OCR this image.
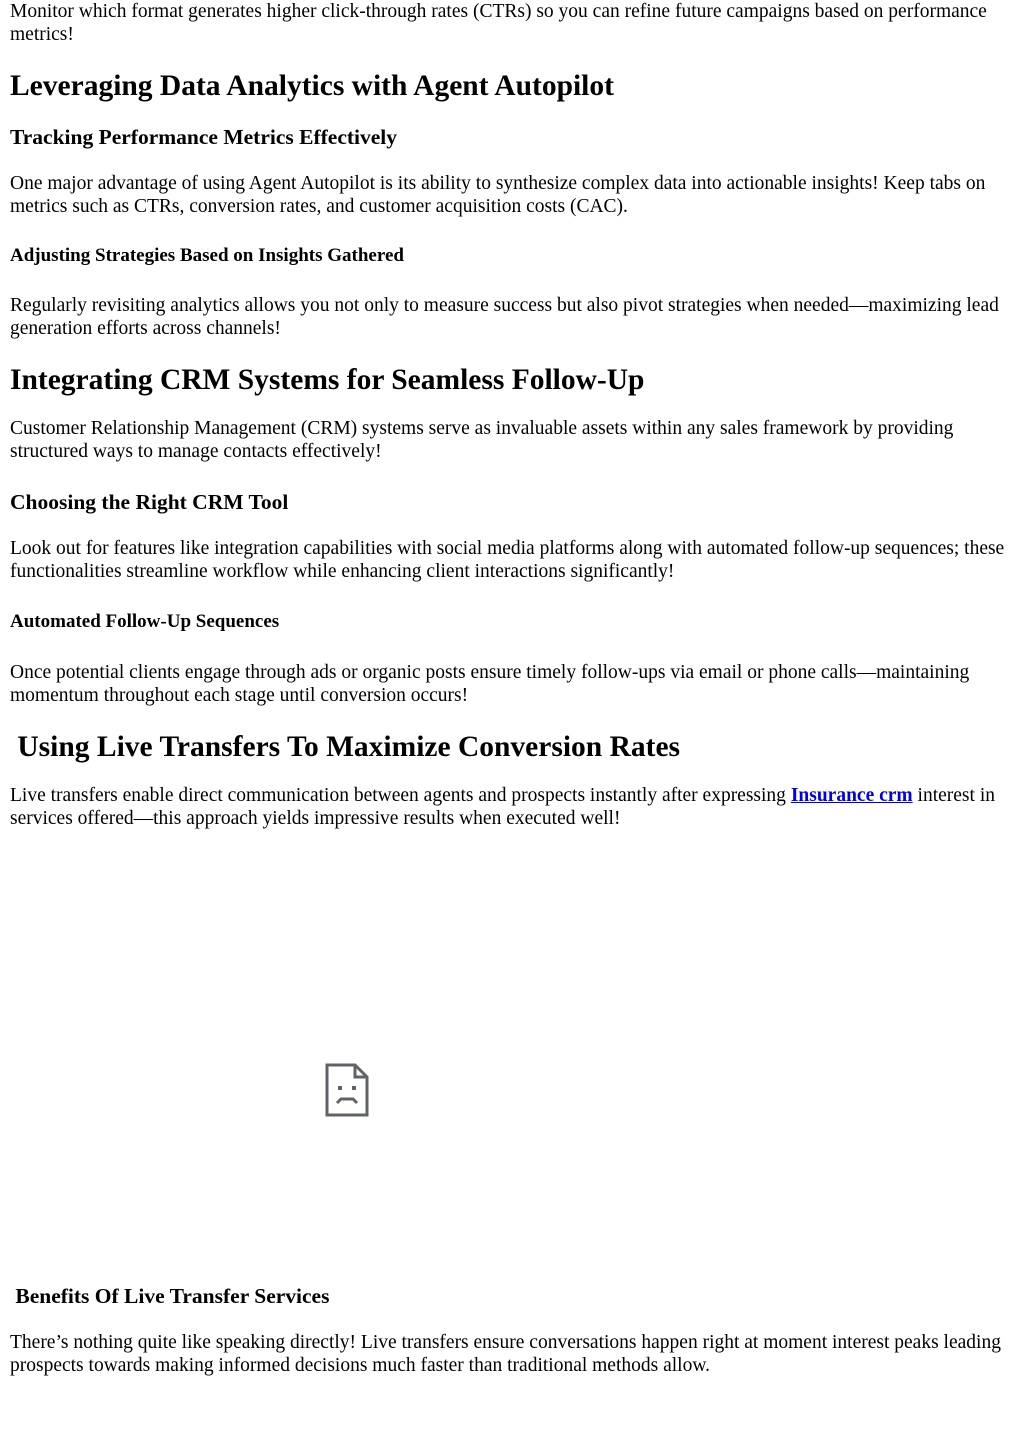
Monitor which format generates higher click-through rates (CTRs) so you can refine future campaigns based on performance metrics!

Leveraging Data Analytics with Agent Autopilot
Tracking Performance Metrics Effectively

One major advantage of using Agent Autopilot is its ability to synthesize complex data into actionable insights! Keep tabs on metrics such as CTRs, conversion rates, and customer acquisition costs (CAC).

Adjusting Strategies Based on Insights Gathered

Regularly revisiting analytics allows you not only to measure success but also pivot strategies when needed—maximizing lead generation efforts across channels!

Integrating CRM Systems for Seamless Follow-Up

Customer Relationship Management (CRM) systems serve as invaluable assets within any sales framework by providing structured ways to manage contacts effectively!

Choosing the Right CRM Tool

Look out for features like integration capabilities with social media platforms along with automated follow-up sequences; these functionalities streamline workflow while enhancing client interactions significantly!

Automated Follow-Up Sequences

Once potential clients engage through ads or organic posts ensure timely follow-ups via email or phone calls—maintaining momentum throughout each stage until conversion occurs!

Using Live Transfers To Maximize Conversion Rates

Live transfers enable direct communication between agents and prospects instantly after expressing Insurance crm interest in services offered—this approach yields impressive results when executed well!

Benefits Of Live Transfer Services

There’s nothing quite like speaking directly! Live transfers ensure conversations happen right at moment interest peaks leading prospects towards making informed decisions much faster than traditional methods allow.
